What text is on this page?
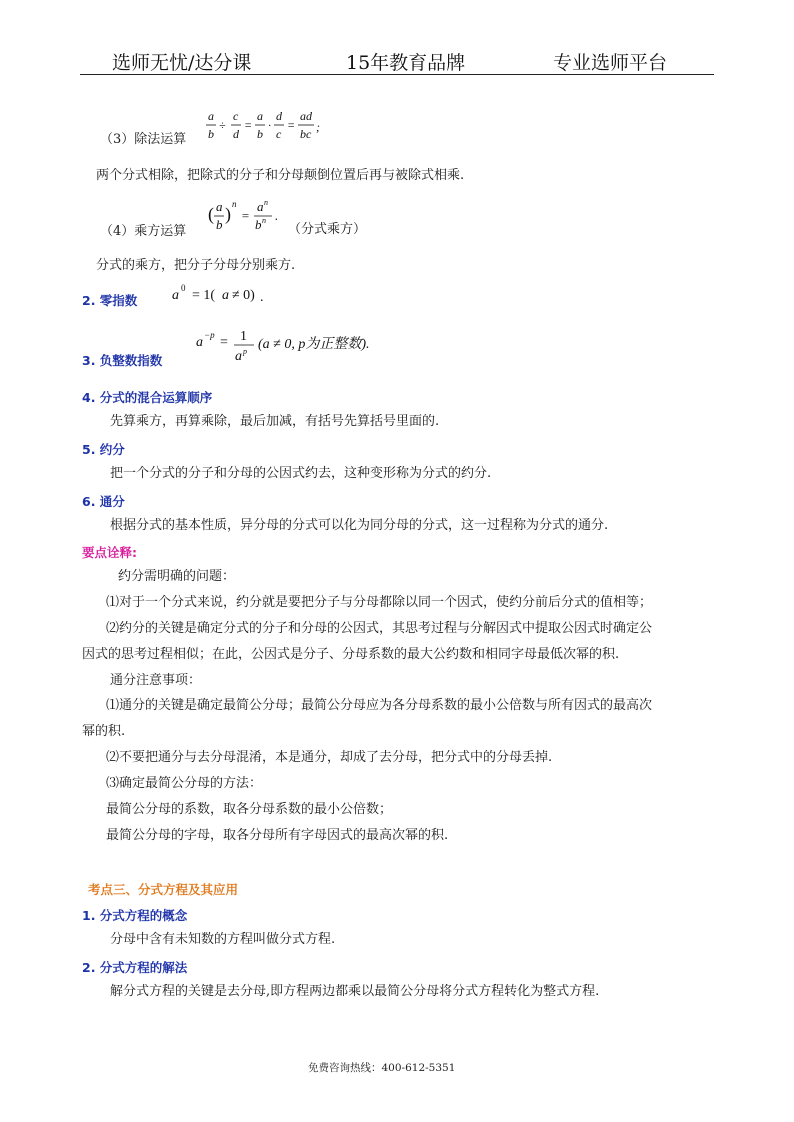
选师无忧/达分课	15年教育品牌	专业选师平台
（3）除法运算
a
b
÷
c
d
=
a
b
·
d
c
=
ad
bc ;
两个分式相除，把除式的分子和分母颠倒位置后再与被除式相乘.
（4）乘方运算
( a
b
) n
=
a n
b n .
（分式乘方）
分式的乘方，把分子分母分别乘方.
2. 零指数 a 0 = 1( a ≠ 0) .
3. 负整数指数
a −p = 1
a p (a ≠ 0, p为正整数).
4. 分式的混合运算顺序
先算乘方，再算乘除，最后加减，有括号先算括号里面的.
5. 约分
把一个分式的分子和分母的公因式约去，这种变形称为分式的约分.
6. 通分
根据分式的基本性质，异分母的分式可以化为同分母的分式，这一过程称为分式的通分.
要点诠释:
约分需明确的问题：
⑴对于一个分式来说，约分就是要把分子与分母都除以同一个因式，使约分前后分式的值相等；
⑵约分的关键是确定分式的分子和分母的公因式，其思考过程与分解因式中提取公因式时确定公
因式的思考过程相似；在此，公因式是分子、分母系数的最大公约数和相同字母最低次幂的积.
通分注意事项：
⑴通分的关键是确定最简公分母；最简公分母应为各分母系数的最小公倍数与所有因式的最高次
幂的积.
⑵不要把通分与去分母混淆，本是通分，却成了去分母，把分式中的分母丢掉.
⑶确定最简公分母的方法：
最简公分母的系数，取各分母系数的最小公倍数；
最简公分母的字母，取各分母所有字母因式的最高次幂的积.
考点三、分式方程及其应用
1. 分式方程的概念
分母中含有未知数的方程叫做分式方程.
2. 分式方程的解法
解分式方程的关键是去分母,即方程两边都乘以最简公分母将分式方程转化为整式方程.
免费咨询热线：400-612-5351
